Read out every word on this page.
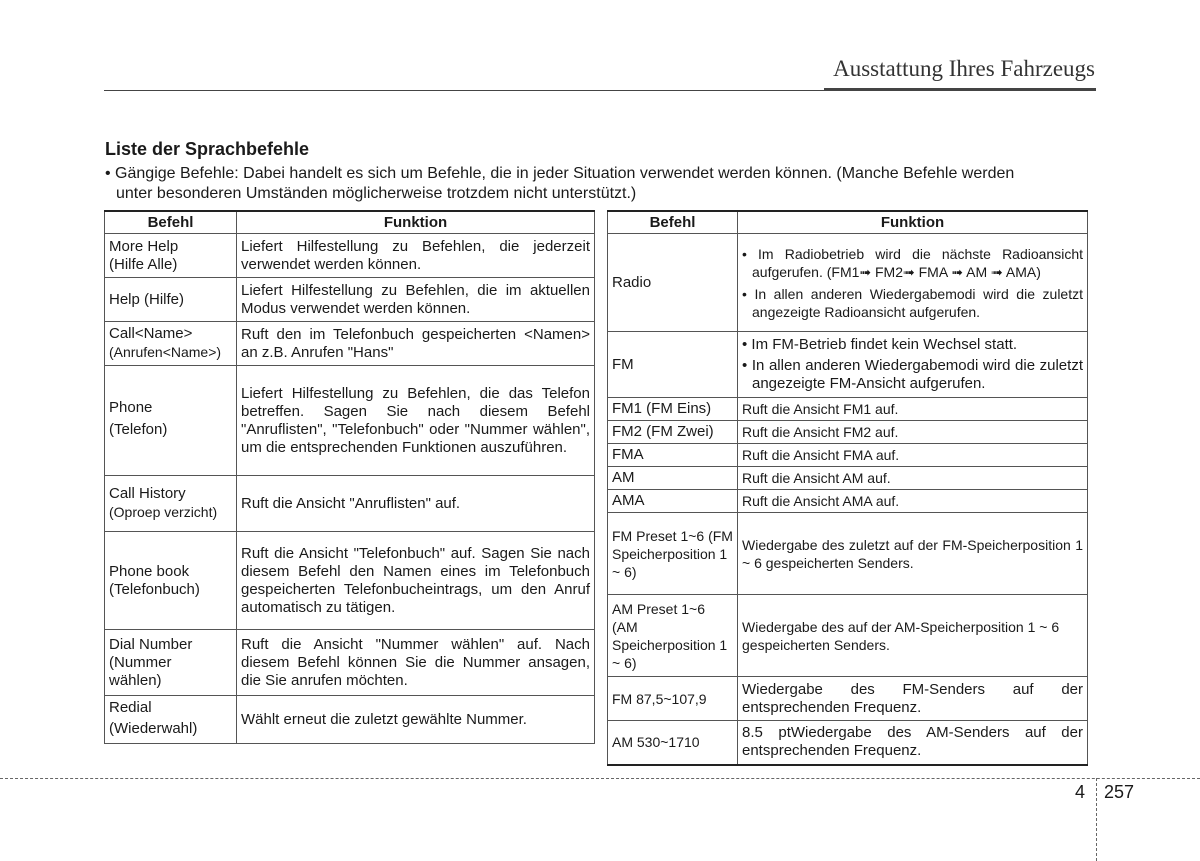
Ausstattung Ihres Fahrzeugs
Liste der Sprachbefehle
• Gängige Befehle: Dabei handelt es sich um Befehle, die in jeder Situation verwendet werden können. (Manche Befehle werden
unter besonderen Umständen möglicherweise trotzdem nicht unterstützt.)
Befehl	Funktion
More Help
(Hilfe Alle)	Liefert Hilfestellung zu Befehlen, die jederzeit verwendet werden können.
Help (Hilfe)	Liefert Hilfestellung zu Befehlen, die im aktuellen Modus verwendet werden können.
Call<Name>
(Anrufen<Name>)	Ruft den im Telefonbuch gespeicherten <Namen> an z.B. Anrufen "Hans"
Phone
(Telefon)	Liefert Hilfestellung zu Befehlen, die das Telefon betreffen. Sagen Sie nach diesem Befehl "Anruflisten", "Telefonbuch" oder "Nummer wählen", um die entsprechenden Funktionen auszuführen.
Call History
(Oproep verzicht)	Ruft die Ansicht "Anruflisten" auf.
Phone book
(Telefonbuch)	Ruft die Ansicht "Telefonbuch" auf. Sagen Sie nach diesem Befehl den Namen eines im Telefonbuch gespeicherten Telefonbucheintrags, um den Anruf automatisch zu tätigen.
Dial Number
(Nummer
wählen)	Ruft die Ansicht "Nummer wählen" auf. Nach diesem Befehl können Sie die Nummer ansagen, die Sie anrufen möchten.
Redial
(Wiederwahl)	Wählt erneut die zuletzt gewählte Nummer.
Befehl	Funktion
Radio	• Im Radiobetrieb wird die nächste Radioansicht aufgerufen. (FM1➟ FM2➟ FMA ➟ AM ➟ AMA)
• In allen anderen Wiedergabemodi wird die zuletzt angezeigte Radioansicht aufgerufen.

FM	• Im FM-Betrieb findet kein Wechsel statt.
• In allen anderen Wiedergabemodi wird die zuletzt angezeigte FM-Ansicht aufgerufen.

FM1 (FM Eins)	Ruft die Ansicht FM1 auf.
FM2 (FM Zwei)	Ruft die Ansicht FM2 auf.
FMA	Ruft die Ansicht FMA auf.
AM	Ruft die Ansicht AM auf.
AMA	Ruft die Ansicht AMA auf.
FM Preset 1~6 (FM Speicherposition 1 ~ 6)	Wiedergabe des zuletzt auf der FM-Speicherposition 1 ~ 6 gespeicherten Senders.
AM Preset 1~6 (AM Speicherposition 1 ~ 6)	Wiedergabe des auf der AM-Speicherposition 1 ~ 6 gespeicherten Senders.
FM 87,5~107,9	Wiedergabe des FM-Senders auf der entsprechenden Frequenz.
AM 530~1710	8.5 ptWiedergabe des AM-Senders auf der entsprechenden Frequenz.
4 257
